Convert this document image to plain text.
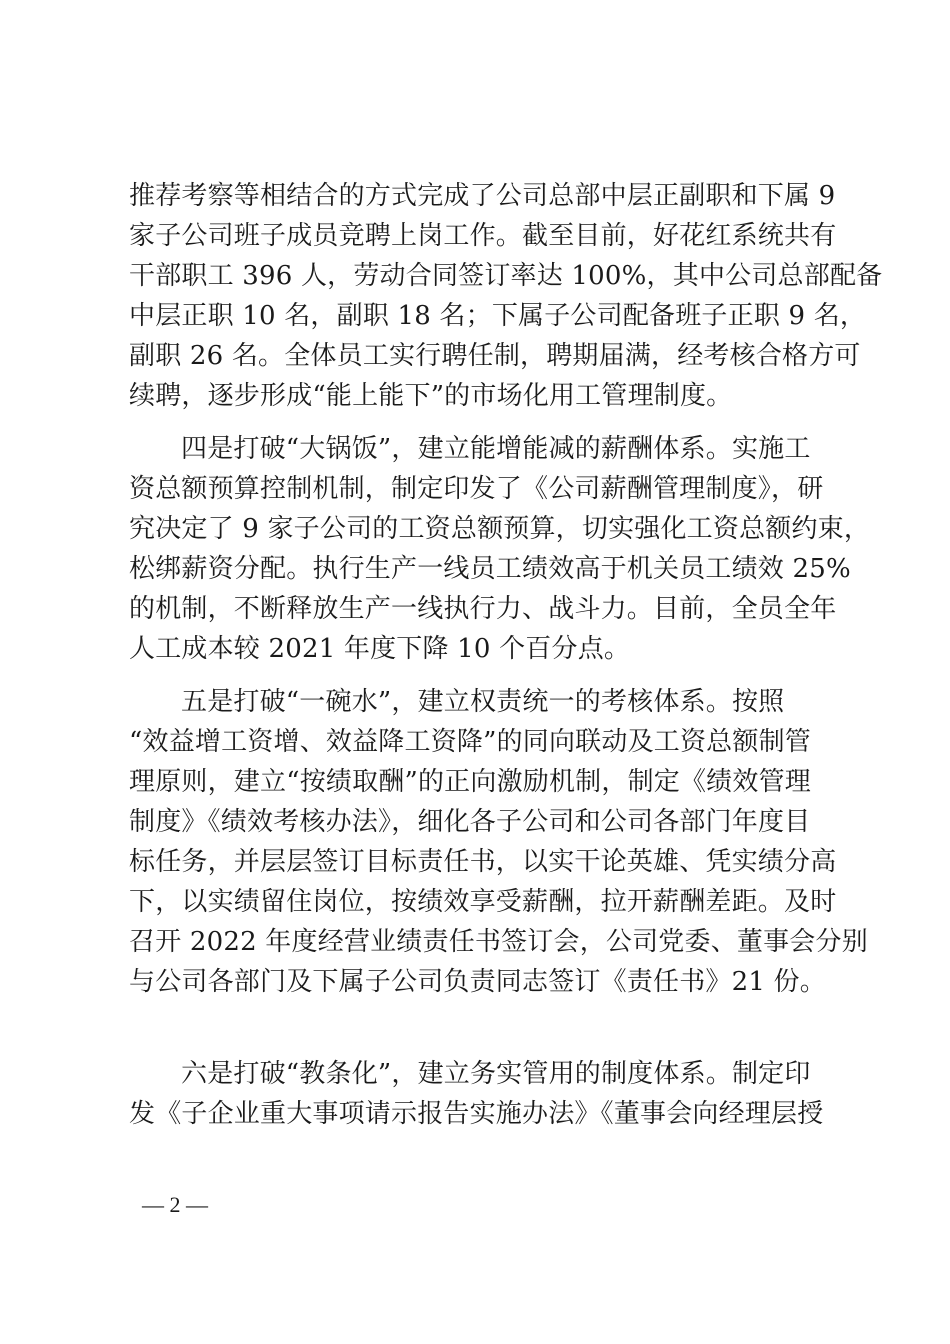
推荐考察等相结合的方式完成了公司总部中层正副职和下属 9
家子公司班子成员竞聘上岗工作。截至目前，好花红系统共有
干部职工 396 人，劳动合同签订率达 100%，其中公司总部配备
中层正职 10 名，副职 18 名；下属子公司配备班子正职 9 名，
副职 26 名。全体员工实行聘任制，聘期届满，经考核合格方可
续聘，逐步形成“能上能下”的市场化用工管理制度。
四是打破“大锅饭”，建立能增能减的薪酬体系。实施工
资总额预算控制机制，制定印发了《公司薪酬管理制度》，研
究决定了 9 家子公司的工资总额预算，切实强化工资总额约束，
松绑薪资分配。执行生产一线员工绩效高于机关员工绩效 25%
的机制，不断释放生产一线执行力、战斗力。目前，全员全年
人工成本较 2021 年度下降 10 个百分点。
五是打破“一碗水”，建立权责统一的考核体系。按照
“效益增工资增、效益降工资降”的同向联动及工资总额制管
理原则，建立“按绩取酬”的正向激励机制，制定《绩效管理
制度》《绩效考核办法》，细化各子公司和公司各部门年度目
标任务，并层层签订目标责任书，以实干论英雄、凭实绩分高
下，以实绩留住岗位，按绩效享受薪酬，拉开薪酬差距。及时
召开 2022 年度经营业绩责任书签订会，公司党委、董事会分别
与公司各部门及下属子公司负责同志签订《责任书》21 份。
六是打破“教条化”，建立务实管用的制度体系。制定印
发《子企业重大事项请示报告实施办法》《董事会向经理层授
— 2 —
